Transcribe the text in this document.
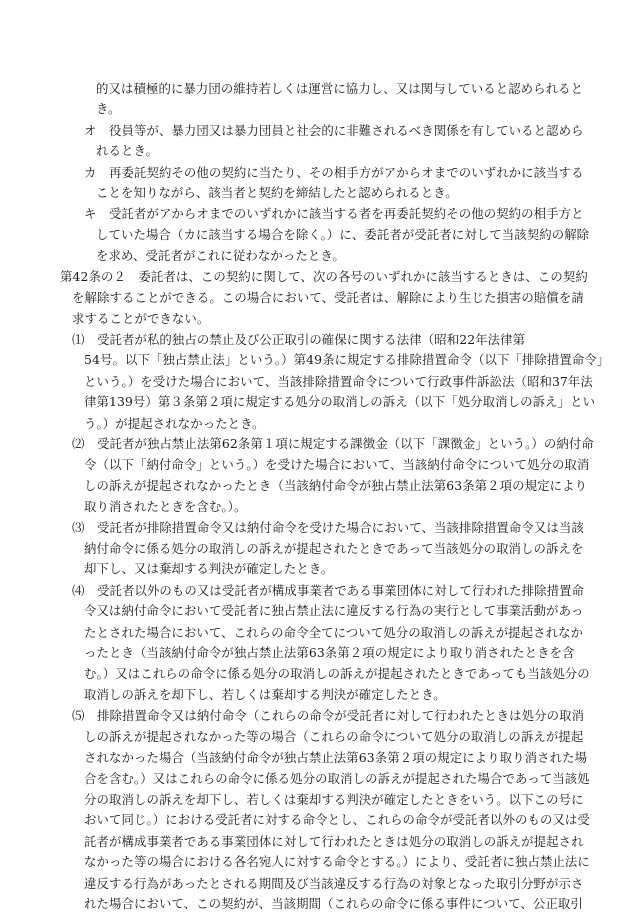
的又は積極的に暴力団の維持若しくは運営に協力し、又は関与していると認められると
き。
オ　役員等が、暴力団又は暴力団員と社会的に非難されるべき関係を有していると認めら
れるとき。
カ　再委託契約その他の契約に当たり、その相手方がアからオまでのいずれかに該当する
ことを知りながら、該当者と契約を締結したと認められるとき。
キ　受託者がアからオまでのいずれかに該当する者を再委託契約その他の契約の相手方と
していた場合（カに該当する場合を除く。）に、委託者が受託者に対して当該契約の解除
を求め、受託者がこれに従わなかったとき。
第42条の２　委託者は、この契約に関して、次の各号のいずれかに該当するときは、この契約
を解除することができる。この場合において、受託者は、解除により生じた損害の賠償を請
求することができない。
⑴　受託者が私的独占の禁止及び公正取引の確保に関する法律（昭和22年法律第
54号。以下「独占禁止法」という。）第49条に規定する排除措置命令（以下「排除措置命令」
という。）を受けた場合において、当該排除措置命令について行政事件訴訟法（昭和37年法
律第139号）第３条第２項に規定する処分の取消しの訴え（以下「処分取消しの訴え」とい
う。）が提起されなかったとき。
⑵　受託者が独占禁止法第62条第１項に規定する課徴金（以下「課徴金」という。）の納付命
令（以下「納付命令」という。）を受けた場合において、当該納付命令について処分の取消
しの訴えが提起されなかったとき（当該納付命令が独占禁止法第63条第２項の規定により
取り消されたときを含む。）。
⑶　受託者が排除措置命令又は納付命令を受けた場合において、当該排除措置命令又は当該
納付命令に係る処分の取消しの訴えが提起されたときであって当該処分の取消しの訴えを
却下し、又は棄却する判決が確定したとき。
⑷　受託者以外のもの又は受託者が構成事業者である事業団体に対して行われた排除措置命
令又は納付命令において受託者に独占禁止法に違反する行為の実行として事業活動があっ
たとされた場合において、これらの命令全てについて処分の取消しの訴えが提起されなか
ったとき（当該納付命令が独占禁止法第63条第２項の規定により取り消されたときを含
む。）又はこれらの命令に係る処分の取消しの訴えが提起されたときであっても当該処分の
取消しの訴えを却下し、若しくは棄却する判決が確定したとき。
⑸　排除措置命令又は納付命令（これらの命令が受託者に対して行われたときは処分の取消
しの訴えが提起されなかった等の場合（これらの命令について処分の取消しの訴えが提起
されなかった場合（当該納付命令が独占禁止法第63条第２項の規定により取り消された場
合を含む。）又はこれらの命令に係る処分の取消しの訴えが提起された場合であって当該処
分の取消しの訴えを却下し、若しくは棄却する判決が確定したときをいう。以下この号に
おいて同じ。）における受託者に対する命令とし、これらの命令が受託者以外のもの又は受
託者が構成事業者である事業団体に対して行われたときは処分の取消しの訴えが提起され
なかった等の場合における各名宛人に対する命令とする。）により、受託者に独占禁止法に
違反する行為があったとされる期間及び当該違反する行為の対象となった取引分野が示さ
れた場合において、この契約が、当該期間（これらの命令に係る事件について、公正取引
